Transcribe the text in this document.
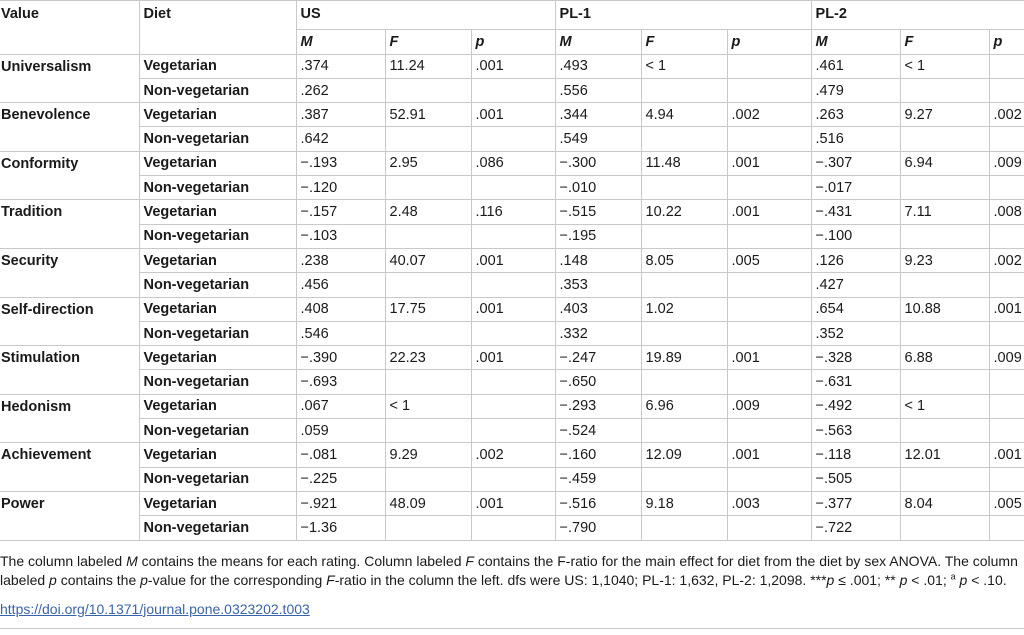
Value	Diet	US			PL-1			PL-2		
		M	F	p	M	F	p	M	F	p
Universalism	Vegetarian	.374	11.24	.001	.493	< 1		.461	< 1	
	Non-vegetarian	.262			.556			.479		
Benevolence	Vegetarian	.387	52.91	.001	.344	4.94	.002	.263	9.27	.002
	Non-vegetarian	.642			.549			.516		
Conformity	Vegetarian	−.193	2.95	.086	−.300	11.48	.001	−.307	6.94	.009
	Non-vegetarian	−.120			−.010			−.017		
Tradition	Vegetarian	−.157	2.48	.116	−.515	10.22	.001	−.431	7.11	.008
	Non-vegetarian	−.103			−.195			−.100		
Security	Vegetarian	.238	40.07	.001	.148	8.05	.005	.126	9.23	.002
	Non-vegetarian	.456			.353			.427		
Self-direction	Vegetarian	.408	17.75	.001	.403	1.02		.654	10.88	.001
	Non-vegetarian	.546			.332			.352		
Stimulation	Vegetarian	−.390	22.23	.001	−.247	19.89	.001	−.328	6.88	.009
	Non-vegetarian	−.693			−.650			−.631		
Hedonism	Vegetarian	.067	< 1		−.293	6.96	.009	−.492	< 1	
	Non-vegetarian	.059			−.524			−.563		
Achievement	Vegetarian	−.081	9.29	.002	−.160	12.09	.001	−.118	12.01	.001
	Non-vegetarian	−.225			−.459			−.505		
Power	Vegetarian	−.921	48.09	.001	−.516	9.18	.003	−.377	8.04	.005
	Non-vegetarian	−1.36			−.790			−.722		
The column labeled M contains the means for each rating. Column labeled F contains the F-ratio for the main effect for diet from the diet by sex ANOVA. The column labeled p contains the p-value for the corresponding F-ratio in the column the left. dfs were US: 1,1040; PL-1: 1,632, PL-2: 1,2098. ***p ≤ .001; ** p < .01; $^a$ p < .10.
https://doi.org/10.1371/journal.pone.0323202.t003
